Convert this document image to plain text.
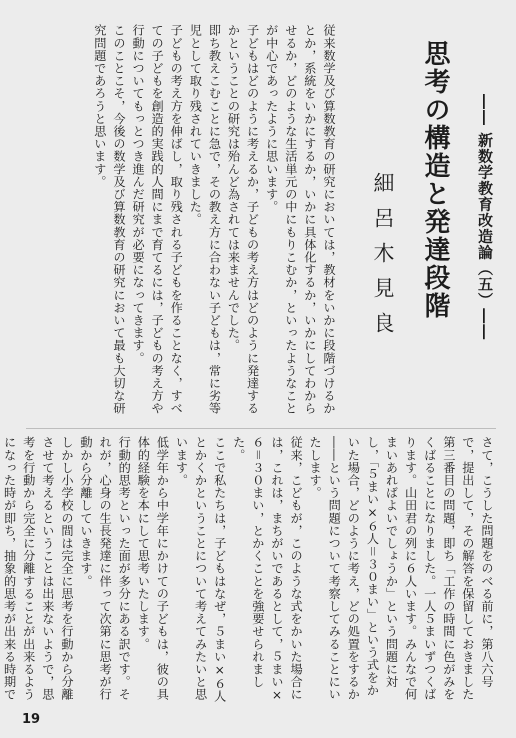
思考の構造と発達段階 ―― 新数学教育改造論（五）――
細呂木見良

従来数学及び算数教育の研究においては，教材をいかに段階づけるかとか，系統をいかにするか，いかに具体化するか，いかにしてわからせるか，どのような生活単元の中にもりこむか，といったようなことが中心であったように思います。

子どもはどのように考えるか，子どもの考え方はどのように発達するかということの研究は殆んど為されては来ませんでした。

即ち教えこむことに急で，その教え方に合わない子どもは，常に劣等児として取り残されていきました。

子どもの考え方を伸ばし，取り残される子どもを作ることなく，すべての子どもを創造的実践的人間にまで育てるには，子どもの考え方や行動についてもっとつき進んだ研究が必要になってきます。

このことこそ，今後の数学及び算数教育の研究において最も大切な研究問題であろうと思います。

さて，こうした問題をのべる前に，第八六号で，提出して，その解答を保留しておきました第三番目の問題，即ち「工作の時間に色がみをくばることになりました。一人５まいずつくばります。山田君の列に６人います。みんなで何まいあればよいでしょうか」という問題に対し，「５まい×６人＝３０まい」という式をかいた場合，どのように考え，どの処置をするか――という問題について考察してみることにいたします。

従来，こどもが，このような式をかいた場合には，これは，まちがいであるとして，５まい×６＝３０まい，とかくことを強要せられました。

ここで私たちは，子どもはなぜ，５まい×６人とかくかということについて考えてみたいと思います。

低学年から中学年にかけての子どもは，彼の具体的経験を本にして思考いたします。

行動的思考といった面が多分にある訳です。それが，心身の生長発達に伴って次第に思考が行動から分離していきます。

しかし小学校の間は完全に思考を行動から分離させて考えるということは出来ないようで，思考を行動から完全に分離することが出来るようになった時が即ち，抽象的思考が出来る時期で

19
